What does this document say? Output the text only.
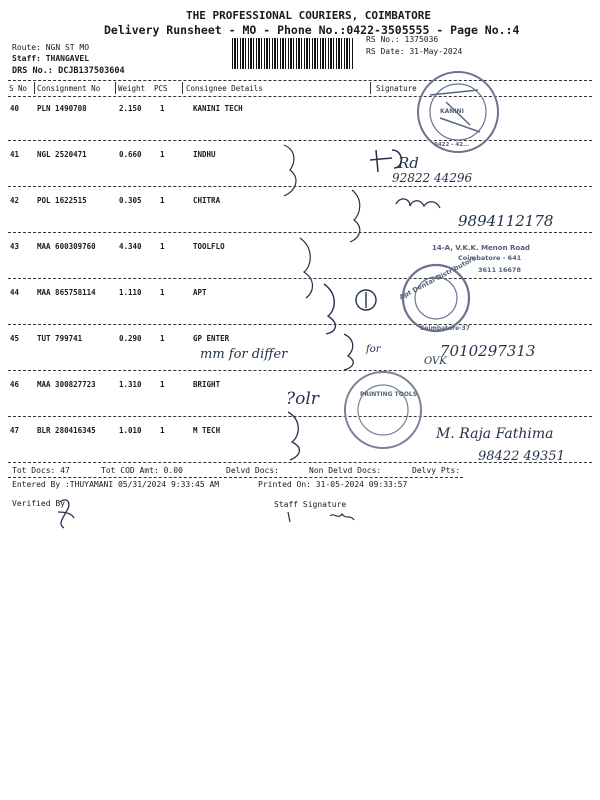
THE PROFESSIONAL COURIERS, COIMBATORE
Delivery Runsheet - MO - Phone No.:0422-3505555 - Page No.:4
Route: NGN ST MO
Staff: THANGAVEL
DRS No.: DCJB137503604
RS No.: 1375036
RS Date: 31-May-2024
S No Consignment No Weight PCS Consignee Details	Signature
40 PLN 1490708	2.150 1	KANINI TECH
41 NGL 2520471	0.660 1	INDHU
42 POL 1622515	0.305 1	CHITRA
43 MAA 600309760	4.340 1	TOOLFLO
44 MAA 865758114	1.110 1	APT
45 TUT 799741	0.290 1	GP ENTER
46 MAA 300827723	1.310 1	BRIGHT
47 BLR 280416345	1.010 1	M TECH
Tot Docs: 47	Tot COD Amt: 0.00	Delvd Docs:	Non Delvd Docs:	Delvy Pts:
Entered By :THUYAMANI 05/31/2024 9:33:45 AM	Printed On: 31-05-2024 09:33:57
Verified By	Staff Signature
KANINI
0422 - 42...
Rd
92822 44296
9894112178
14-A, V.K.K. Menon Road
Coimbatore - 641
3611 16678
Apt Dental Distributors
Coimbatore-37
mm for differ	for
OVK
7010297313
?olr	PRINTING TOOLS
M. Raja Fathima
98422 49351
